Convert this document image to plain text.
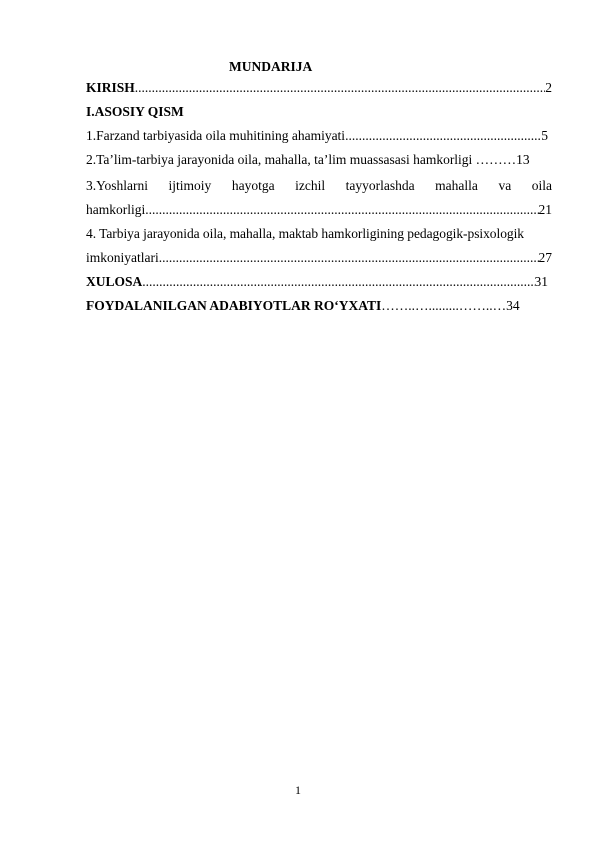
MUNDARIJA
KIRISH .....	2
I.ASOSIY QISM
1.Farzand tarbiyasida oila muhitining ahamiyati .....	5
2.Ta’lim-tarbiya jarayonida oila, mahalla, ta’lim muassasasi hamkorligi ………13
3.Yoshlarni ijtimoiy hayotga izchil tayyorlashda mahalla va oila
hamkorligi .....	21
4. Tarbiya jarayonida oila, mahalla, maktab hamkorligining pedagogik-psixologik
imkoniyatlari .....	27
XULOSA .....	31
FOYDALANILGAN ADABIYOTLAR RO‘YXATI ……..….........……..…34
1
